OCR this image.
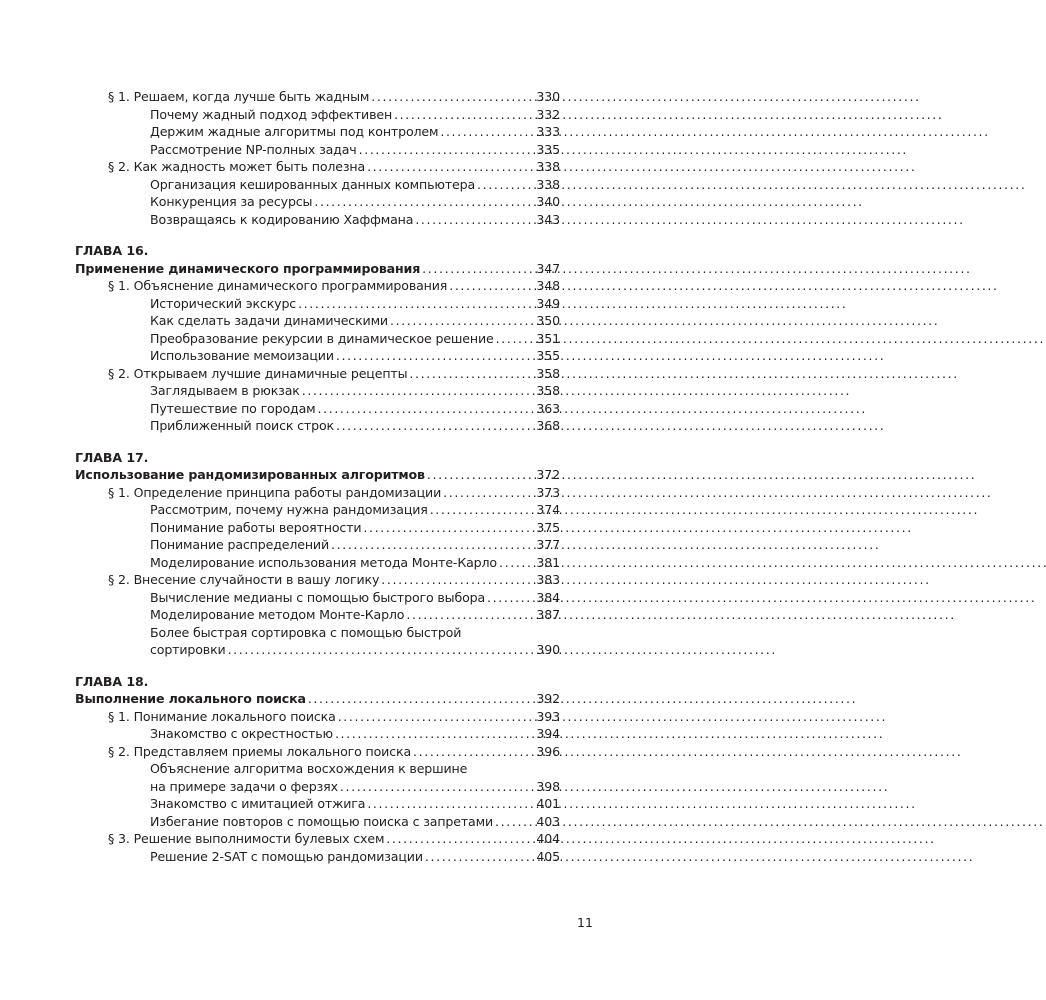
§ 1. Решаем, когда лучше быть жадным . . .	330
Почему жадный подход эффективен . . .	332
Держим жадные алгоритмы под контролем . . .	333
Рассмотрение NP-полных задач . . .	335
§ 2. Как жадность может быть полезна . . .	338
Организация кешированных данных компьютера . . .	338
Конкуренция за ресурсы . . .	340
Возвращаясь к кодированию Хаффмана . . .	343
ГЛАВА 16.
Применение динамического программирования . . .	347
§ 1. Объяснение динамического программирования . . .	348
Исторический экскурс . . .	349
Как сделать задачи динамическими . . .	350
Преобразование рекурсии в динамическое решение . . .	351
Использование мемоизации . . .	355
§ 2. Открываем лучшие динамичные рецепты . . .	358
Заглядываем в рюкзак . . .	358
Путешествие по городам . . .	363
Приближенный поиск строк . . .	368
ГЛАВА 17.
Использование рандомизированных алгоритмов . . .	372
§ 1. Определение принципа работы рандомизации . . .	373
Рассмотрим, почему нужна рандомизация . . .	374
Понимание работы вероятности . . .	375
Понимание распределений . . .	377
Моделирование использования метода Монте-Карло . . .	381
§ 2. Внесение случайности в вашу логику . . .	383
Вычисление медианы с помощью быстрого выбора . . .	384
Моделирование методом Монте-Карло . . .	387
Более быстрая сортировка с помощью быстрой
сортировки . . .	390
ГЛАВА 18.
Выполнение локального поиска . . .	392
§ 1. Понимание локального поиска . . .	393
Знакомство с окрестностью . . .	394
§ 2. Представляем приемы локального поиска . . .	396
Объяснение алгоритма восхождения к вершине
на примере задачи о ферзях . . .	398
Знакомство с имитацией отжига . . .	401
Избегание повторов с помощью поиска с запретами . . .	403
§ 3. Решение выполнимости булевых схем . . .	404
Решение 2-SAT с помощью рандомизации . . .	405
11
